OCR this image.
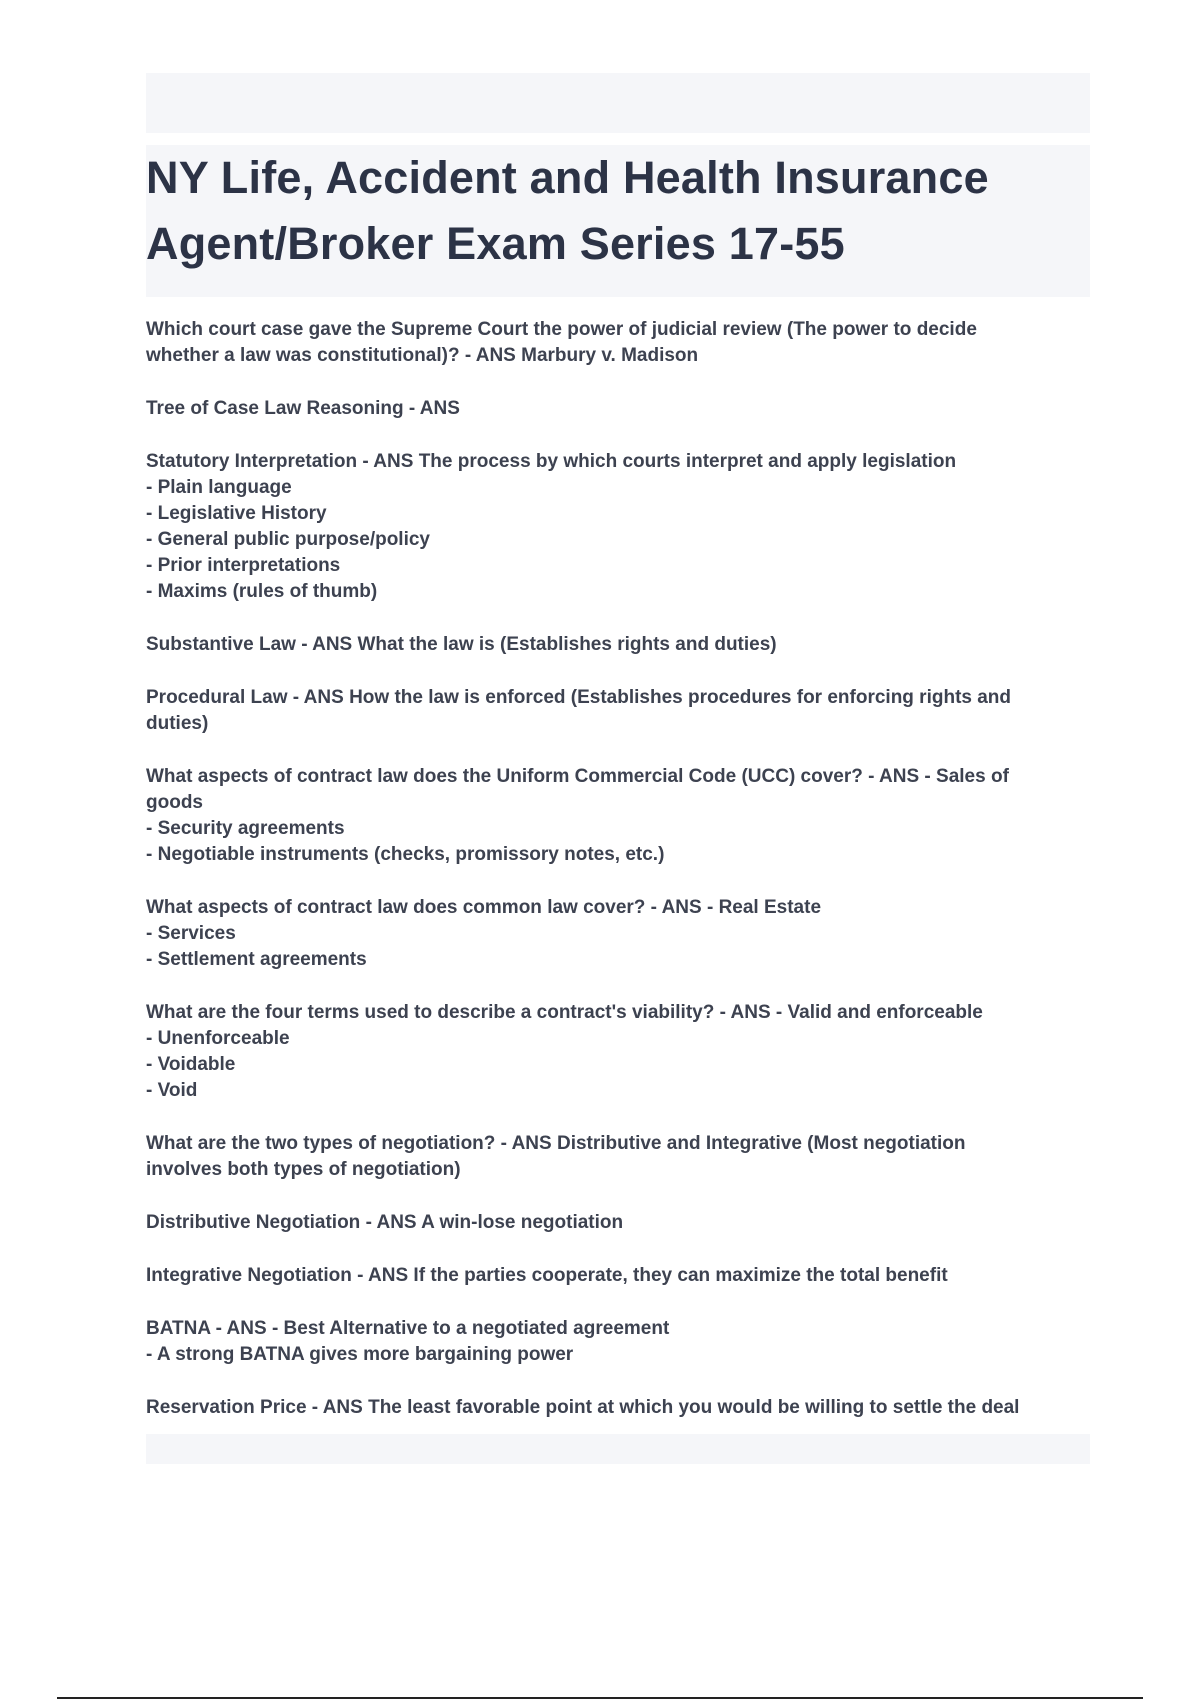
NY Life, Accident and Health Insurance
Agent/Broker Exam Series 17-55
Which court case gave the Supreme Court the power of judicial review (The power to decide
whether a law was constitutional)? - ANS Marbury v. Madison
Tree of Case Law Reasoning - ANS
Statutory Interpretation - ANS The process by which courts interpret and apply legislation
- Plain language
- Legislative History
- General public purpose/policy
- Prior interpretations
- Maxims (rules of thumb)
Substantive Law - ANS What the law is (Establishes rights and duties)
Procedural Law - ANS How the law is enforced (Establishes procedures for enforcing rights and
duties)
What aspects of contract law does the Uniform Commercial Code (UCC) cover? - ANS - Sales of
goods
- Security agreements
- Negotiable instruments (checks, promissory notes, etc.)
What aspects of contract law does common law cover? - ANS - Real Estate
- Services
- Settlement agreements
What are the four terms used to describe a contract's viability? - ANS - Valid and enforceable
- Unenforceable
- Voidable
- Void
What are the two types of negotiation? - ANS Distributive and Integrative (Most negotiation
involves both types of negotiation)
Distributive Negotiation - ANS A win-lose negotiation
Integrative Negotiation - ANS If the parties cooperate, they can maximize the total benefit
BATNA - ANS - Best Alternative to a negotiated agreement
- A strong BATNA gives more bargaining power
Reservation Price - ANS The least favorable point at which you would be willing to settle the deal
